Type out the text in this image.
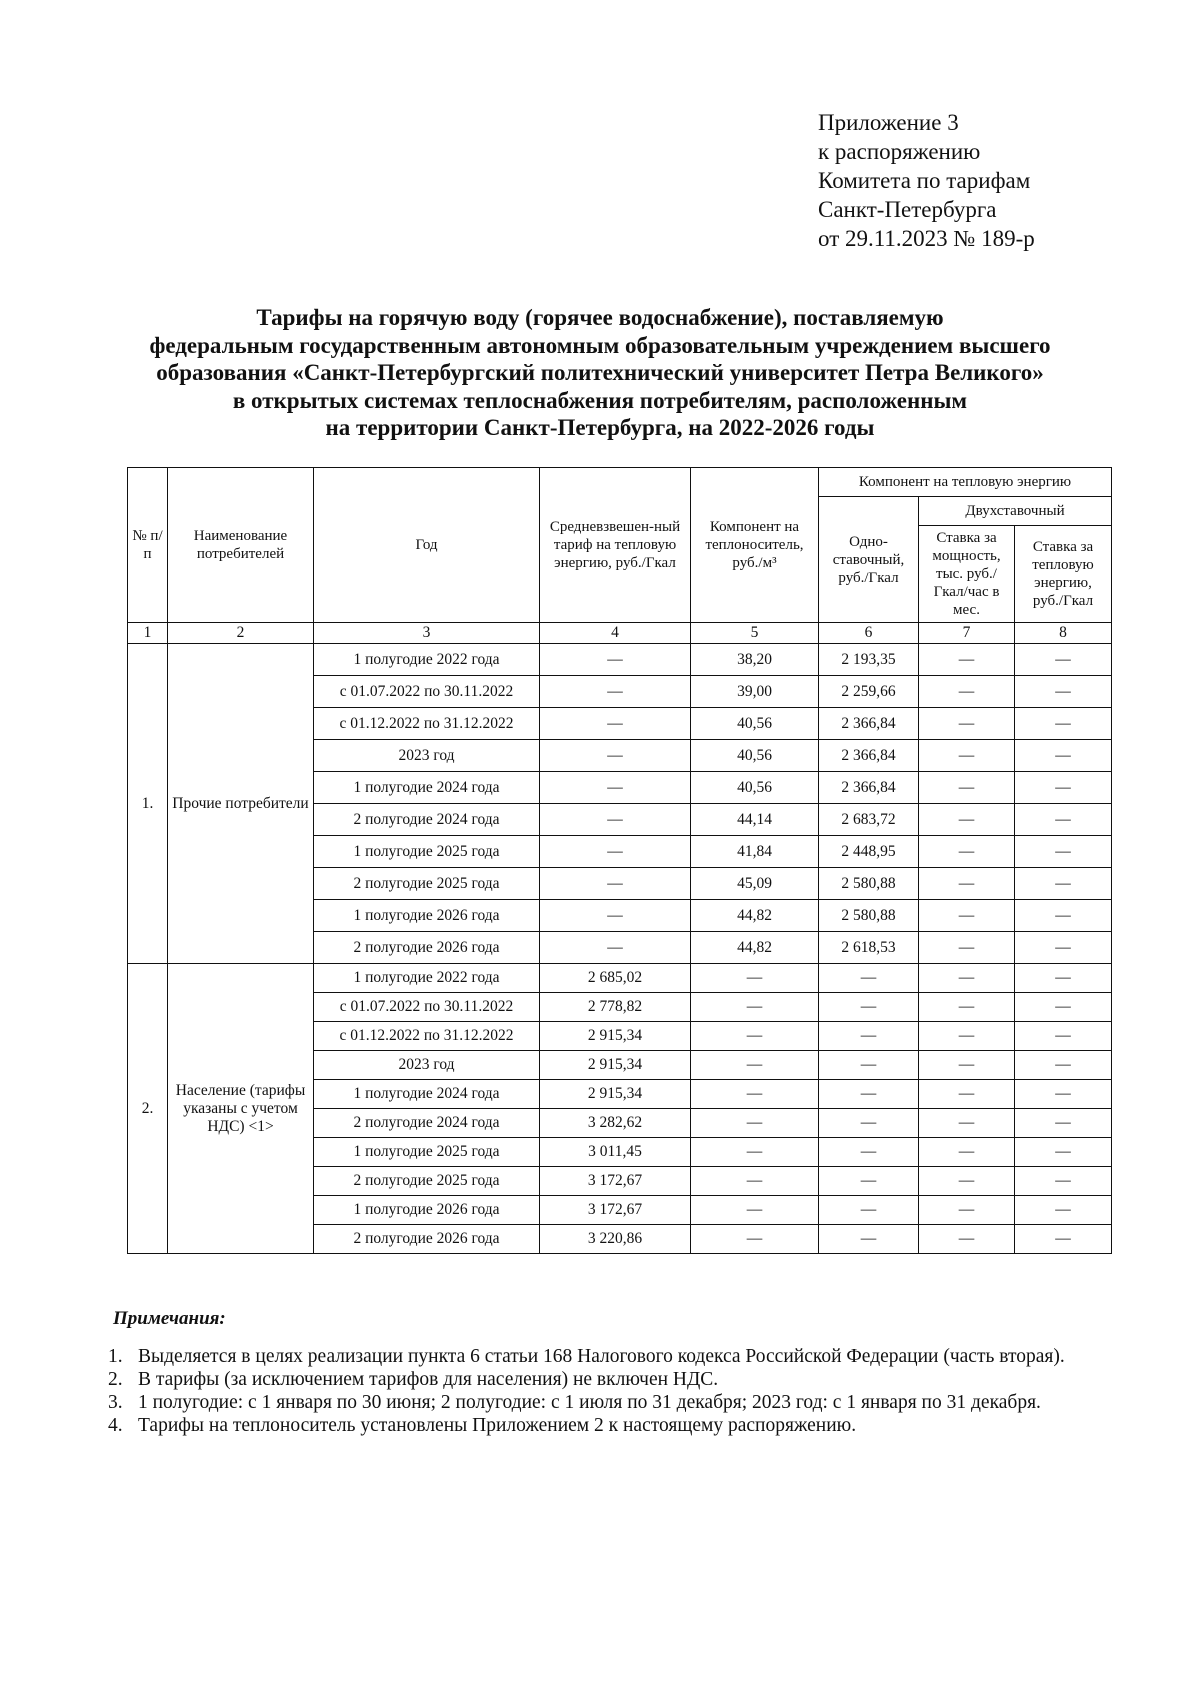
Приложение 3
к распоряжению
Комитета по тарифам
Санкт-Петербурга
от 29.11.2023 № 189-р
Тарифы на горячую воду (горячее водоснабжение), поставляемую
федеральным государственным автономным образовательным учреждением высшего
образования «Санкт-Петербургский политехнический университет Петра Великого»
в открытых системах теплоснабжения потребителям, расположенным
на территории Санкт-Петербурга, на 2022-2026 годы
№ п/п	Наименование потребителей	Год	Средневзвешен-ный тариф на тепловую энергию, руб./Гкал	Компонент на теплоноситель, руб./м³	Компонент на тепловую энергию		
					Одно-ставочный, руб./Гкал	Двухставочный	
						Ставка за мощность, тыс. руб./Гкал/час в мес.	Ставка за тепловую энергию, руб./Гкал
1	2	3	4	5	6	7	8
1.	Прочие потребители	1 полугодие 2022 года	—	38,20	2 193,35	—	—
		с 01.07.2022 по 30.11.2022	—	39,00	2 259,66	—	—
		с 01.12.2022 по 31.12.2022	—	40,56	2 366,84	—	—
		2023 год	—	40,56	2 366,84	—	—
		1 полугодие 2024 года	—	40,56	2 366,84	—	—
		2 полугодие 2024 года	—	44,14	2 683,72	—	—
		1 полугодие 2025 года	—	41,84	2 448,95	—	—
		2 полугодие 2025 года	—	45,09	2 580,88	—	—
		1 полугодие 2026 года	—	44,82	2 580,88	—	—
		2 полугодие 2026 года	—	44,82	2 618,53	—	—
2.	Население (тарифы указаны с учетом НДС) <1>	1 полугодие 2022 года	2 685,02	—	—	—	—
		с 01.07.2022 по 30.11.2022	2 778,82	—	—	—	—
		с 01.12.2022 по 31.12.2022	2 915,34	—	—	—	—
		2023 год	2 915,34	—	—	—	—
		1 полугодие 2024 года	2 915,34	—	—	—	—
		2 полугодие 2024 года	3 282,62	—	—	—	—
		1 полугодие 2025 года	3 011,45	—	—	—	—
		2 полугодие 2025 года	3 172,67	—	—	—	—
		1 полугодие 2026 года	3 172,67	—	—	—	—
		2 полугодие 2026 года	3 220,86	—	—	—	—
Примечания:
1. Выделяется в целях реализации пункта 6 статьи 168 Налогового кодекса Российской Федерации (часть вторая).
2. В тарифы (за исключением тарифов для населения) не включен НДС.
3. 1 полугодие: с 1 января по 30 июня; 2 полугодие: с 1 июля по 31 декабря; 2023 год: с 1 января по 31 декабря.
4. Тарифы на теплоноситель установлены Приложением 2 к настоящему распоряжению.
